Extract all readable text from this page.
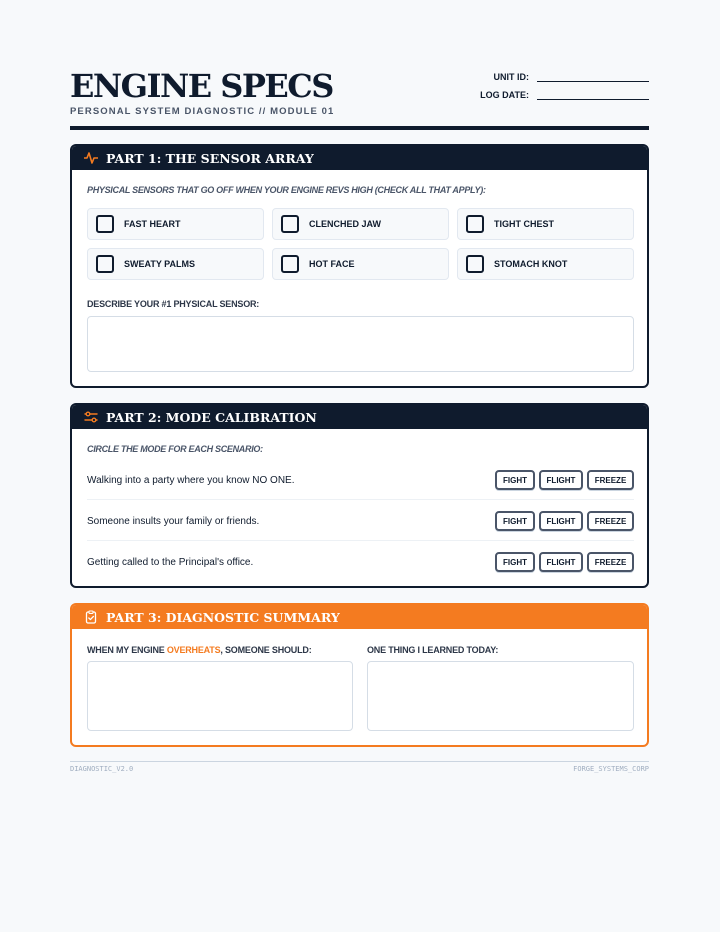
ENGINE SPECS
PERSONAL SYSTEM DIAGNOSTIC // MODULE 01
UNIT ID:
LOG DATE:
PART 1: THE SENSOR ARRAY
PHYSICAL SENSORS THAT GO OFF WHEN YOUR ENGINE REVS HIGH (CHECK ALL THAT APPLY):
FAST HEART	CLENCHED JAW	TIGHT CHEST
SWEATY PALMS	HOT FACE	STOMACH KNOT
DESCRIBE YOUR #1 PHYSICAL SENSOR:
PART 2: MODE CALIBRATION
CIRCLE THE MODE FOR EACH SCENARIO:
Walking into a party where you know NO ONE.	FIGHT	FLIGHT	FREEZE
Someone insults your family or friends.	FIGHT	FLIGHT	FREEZE
Getting called to the Principal's office.	FIGHT	FLIGHT	FREEZE
PART 3: DIAGNOSTIC SUMMARY
WHEN MY ENGINE OVERHEATS, SOMEONE SHOULD:	ONE THING I LEARNED TODAY:
DIAGNOSTIC_V2.0	FORGE_SYSTEMS_CORP
